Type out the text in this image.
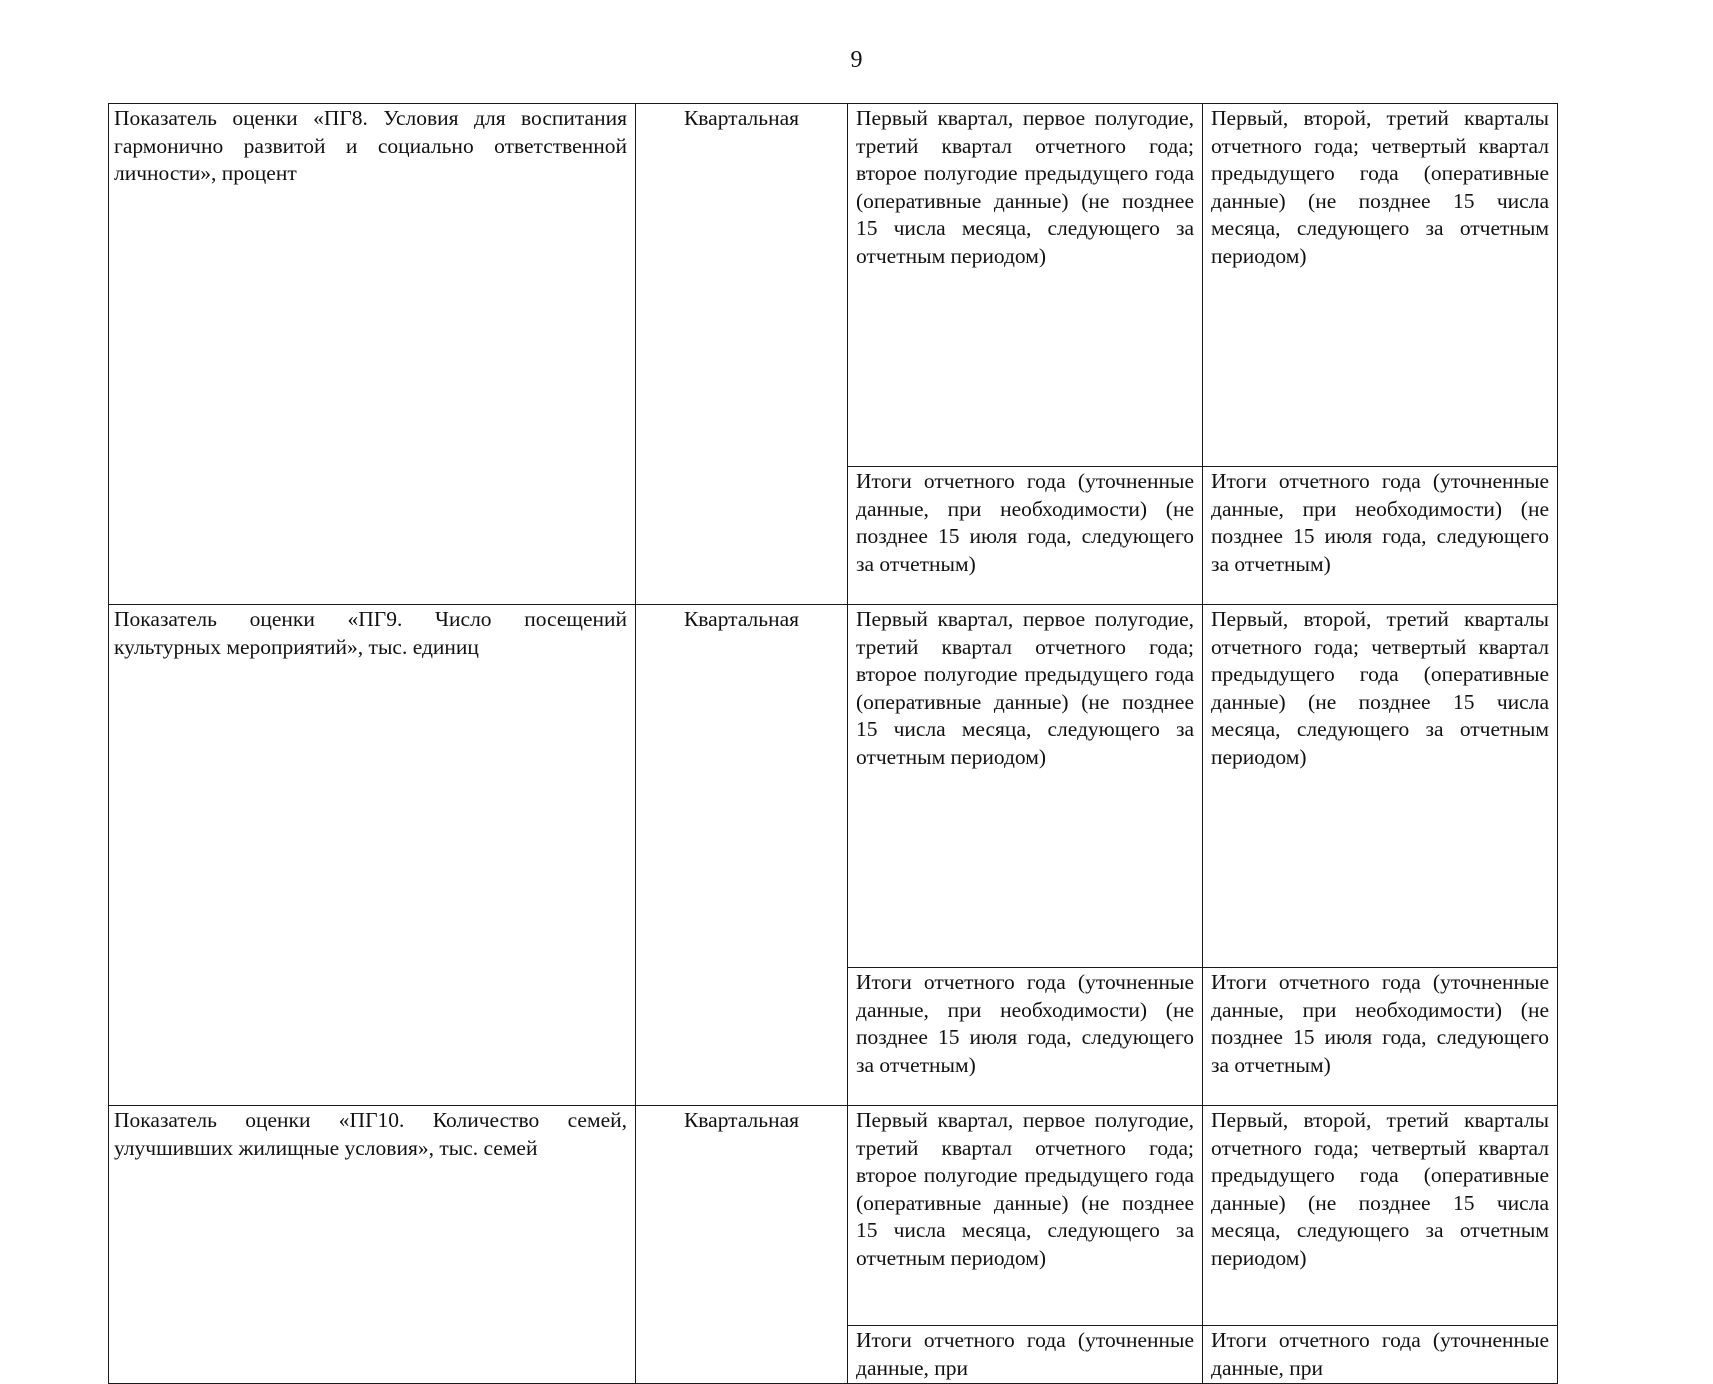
9
Показатель оценки «ПГ8. Условия для воспитания гармонично развитой и социально ответственной личности», процент	Квартальная	Первый квартал, первое полугодие, третий квартал отчетного года; второе полугодие предыдущего года (оперативные данные) (не позднее 15 числа месяца, следующего за отчетным периодом)	Первый, второй, третий кварталы отчетного года; четвертый квартал предыдущего года (оперативные данные) (не позднее 15 числа месяца, следующего за отчетным периодом)
		Итоги отчетного года (уточненные данные, при необходимости) (не позднее 15 июля года, следующего за отчетным)	Итоги отчетного года (уточненные данные, при необходимости) (не позднее 15 июля года, следующего за отчетным)
Показатель оценки «ПГ9. Число посещений культурных мероприятий», тыс. единиц	Квартальная	Первый квартал, первое полугодие, третий квартал отчетного года; второе полугодие предыдущего года (оперативные данные) (не позднее 15 числа месяца, следующего за отчетным периодом)	Первый, второй, третий кварталы отчетного года; четвертый квартал предыдущего года (оперативные данные) (не позднее 15 числа месяца, следующего за отчетным периодом)
		Итоги отчетного года (уточненные данные, при необходимости) (не позднее 15 июля года, следующего за отчетным)	Итоги отчетного года (уточненные данные, при необходимости) (не позднее 15 июля года, следующего за отчетным)
Показатель оценки «ПГ10. Количество семей, улучшивших жилищные условия», тыс. семей	Квартальная	Первый квартал, первое полугодие, третий квартал отчетного года; второе полугодие предыдущего года (оперативные данные) (не позднее 15 числа месяца, следующего за отчетным периодом)	Первый, второй, третий кварталы отчетного года; четвертый квартал предыдущего года (оперативные данные) (не позднее 15 числа месяца, следующего за отчетным периодом)

		Итоги отчетного года (уточненные данные, при	Итоги отчетного года (уточненные данные, при
